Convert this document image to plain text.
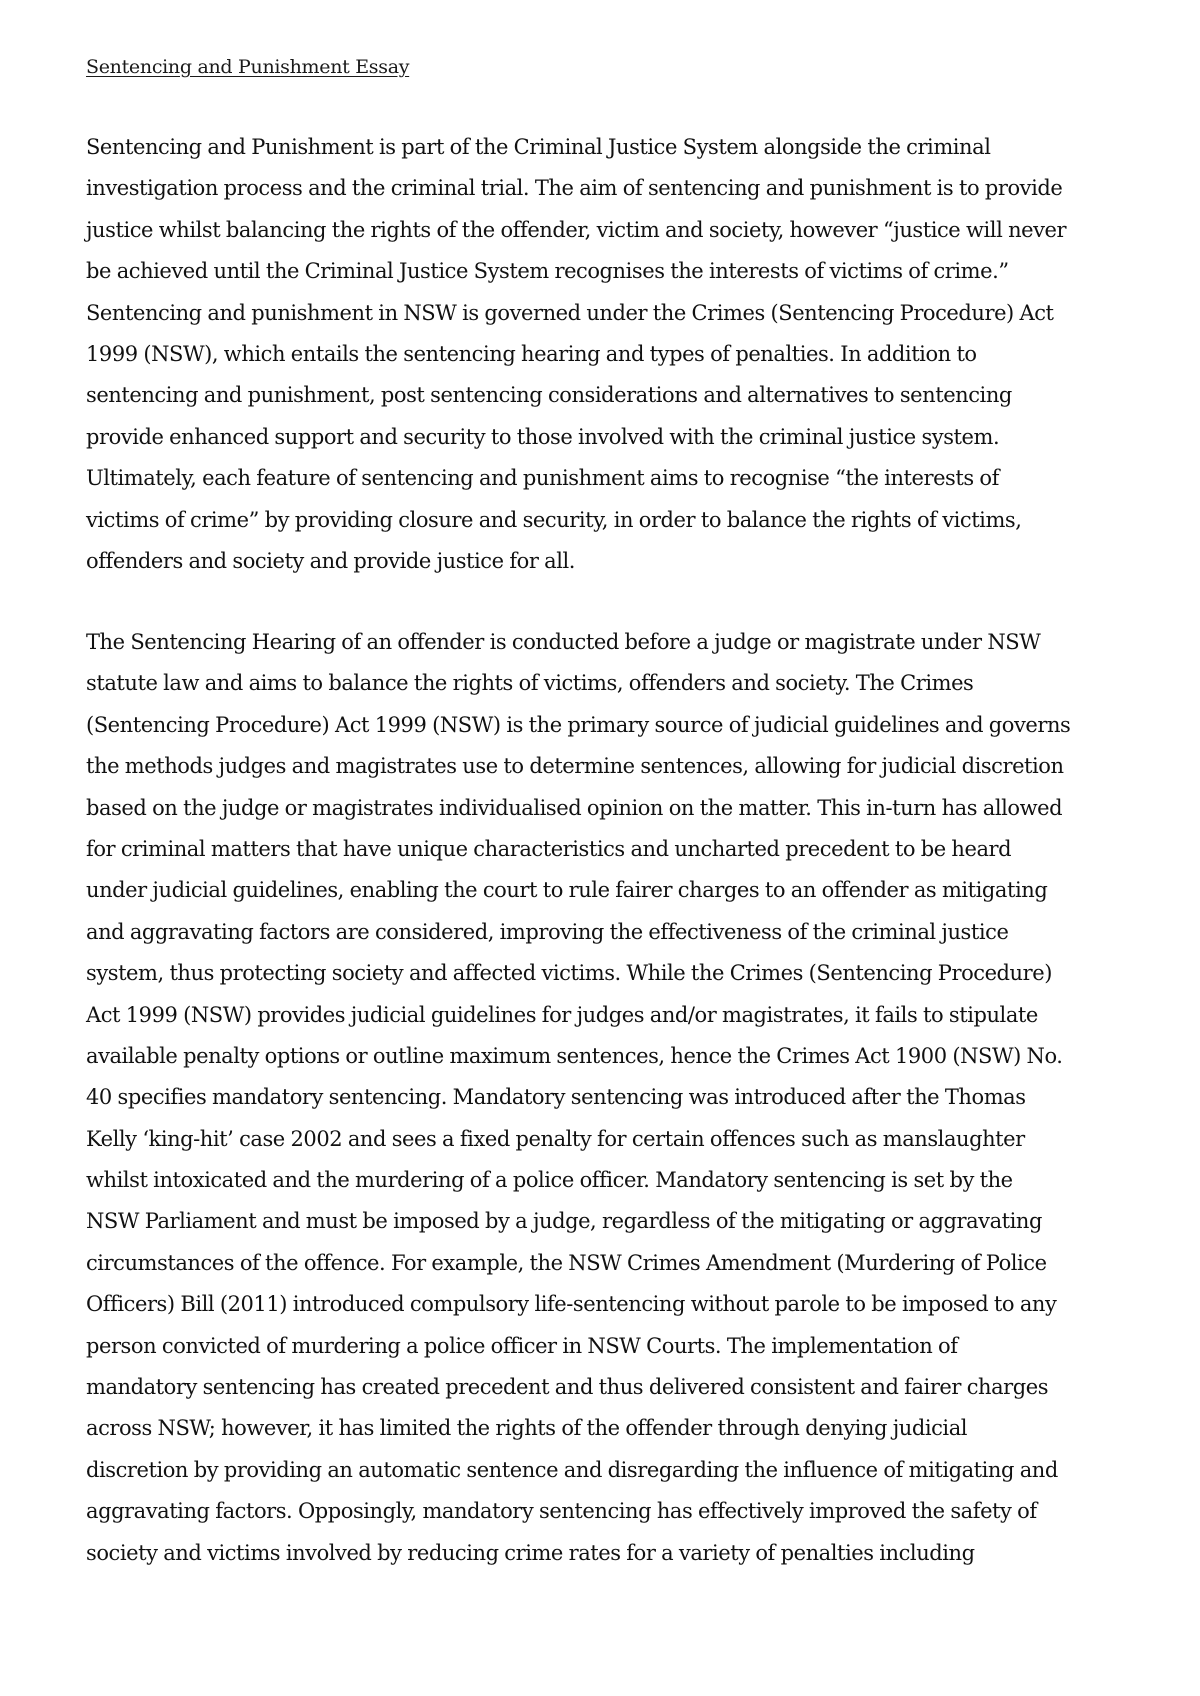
Sentencing and Punishment Essay

Sentencing and Punishment is part of the Criminal Justice System alongside the criminal
investigation process and the criminal trial. The aim of sentencing and punishment is to provide
justice whilst balancing the rights of the offender, victim and society, however “justice will never
be achieved until the Criminal Justice System recognises the interests of victims of crime.”
Sentencing and punishment in NSW is governed under the Crimes (Sentencing Procedure) Act
1999 (NSW), which entails the sentencing hearing and types of penalties. In addition to
sentencing and punishment, post sentencing considerations and alternatives to sentencing
provide enhanced support and security to those involved with the criminal justice system.
Ultimately, each feature of sentencing and punishment aims to recognise “the interests of
victims of crime” by providing closure and security, in order to balance the rights of victims,
offenders and society and provide justice for all.

The Sentencing Hearing of an offender is conducted before a judge or magistrate under NSW
statute law and aims to balance the rights of victims, offenders and society. The Crimes
(Sentencing Procedure) Act 1999 (NSW) is the primary source of judicial guidelines and governs
the methods judges and magistrates use to determine sentences, allowing for judicial discretion
based on the judge or magistrates individualised opinion on the matter. This in-turn has allowed
for criminal matters that have unique characteristics and uncharted precedent to be heard
under judicial guidelines, enabling the court to rule fairer charges to an offender as mitigating
and aggravating factors are considered, improving the effectiveness of the criminal justice
system, thus protecting society and affected victims. While the Crimes (Sentencing Procedure)
Act 1999 (NSW) provides judicial guidelines for judges and/or magistrates, it fails to stipulate
available penalty options or outline maximum sentences, hence the Crimes Act 1900 (NSW) No.
40 specifies mandatory sentencing. Mandatory sentencing was introduced after the Thomas
Kelly ‘king-hit’ case 2002 and sees a fixed penalty for certain offences such as manslaughter
whilst intoxicated and the murdering of a police officer. Mandatory sentencing is set by the
NSW Parliament and must be imposed by a judge, regardless of the mitigating or aggravating
circumstances of the offence. For example, the NSW Crimes Amendment (Murdering of Police
Officers) Bill (2011) introduced compulsory life-sentencing without parole to be imposed to any
person convicted of murdering a police officer in NSW Courts. The implementation of
mandatory sentencing has created precedent and thus delivered consistent and fairer charges
across NSW; however, it has limited the rights of the offender through denying judicial
discretion by providing an automatic sentence and disregarding the influence of mitigating and
aggravating factors. Opposingly, mandatory sentencing has effectively improved the safety of
society and victims involved by reducing crime rates for a variety of penalties including
